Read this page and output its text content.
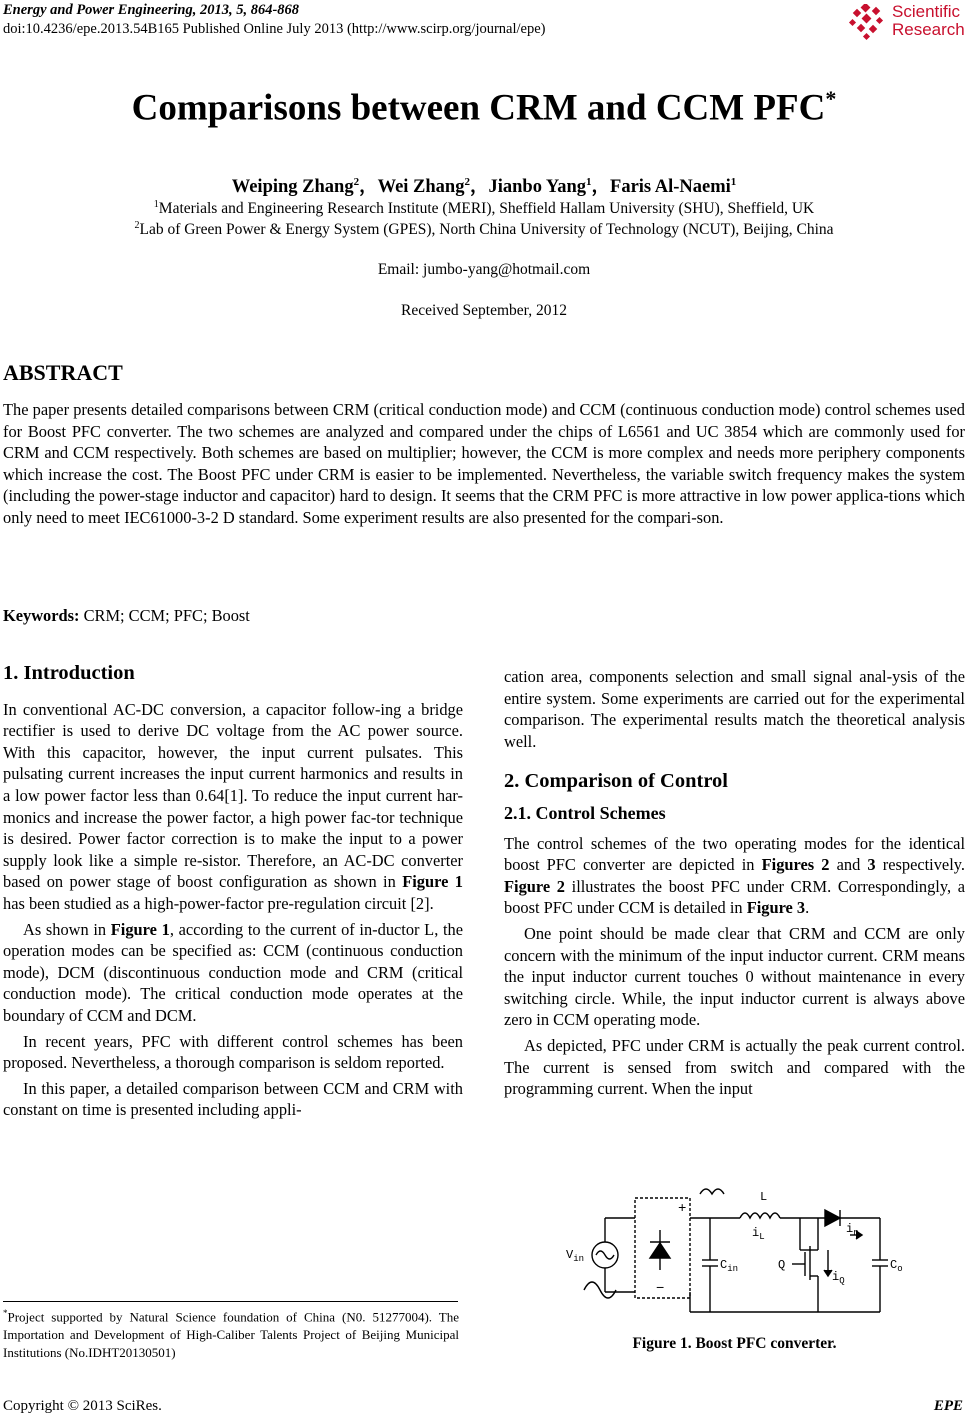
Energy and Power Engineering, 2013, 5, 864-868
doi:10.4236/epe.2013.54B165 Published Online July 2013 (http://www.scirp.org/journal/epe)
Scientific
Research
Comparisons between CRM and CCM PFC*
Weiping Zhang$^2$，Wei Zhang$^2$，Jianbo Yang$^1$，Faris Al-Naemi$^1$
$^1$Materials and Engineering Research Institute (MERI), Sheffield Hallam University (SHU), Sheffield, UK
$^2$Lab of Green Power & Energy System (GPES), North China University of Technology (NCUT), Beijing, China
Email: jumbo-yang@hotmail.com
Received September, 2012
ABSTRACT
The paper presents detailed comparisons between CRM (critical conduction mode) and CCM (continuous conduction mode) control schemes used for Boost PFC converter. The two schemes are analyzed and compared under the chips of L6561 and UC 3854 which are commonly used for CRM and CCM respectively. Both schemes are based on multiplier; however, the CCM is more complex and needs more periphery components which increase the cost. The Boost PFC under CRM is easier to be implemented. Nevertheless, the variable switch frequency makes the system (including the power-stage inductor and capacitor) hard to design. It seems that the CRM PFC is more attractive in low power applica-tions which only need to meet IEC61000-3-2 D standard. Some experiment results are also presented for the compari-son.
Keywords: CRM; CCM; PFC; Boost
1. Introduction

In conventional AC-DC conversion, a capacitor follow-ing a bridge rectifier is used to derive DC voltage from the AC power source. With this capacitor, however, the input current pulsates. This pulsating current increases the input current harmonics and results in a low power factor less than 0.64[1]. To reduce the input current har-monics and increase the power factor, a high power fac-tor technique is desired. Power factor correction is to make the input to a power supply look like a simple re-sistor. Therefore, an AC-DC converter based on power stage of boost configuration as shown in Figure 1 has been studied as a high-power-factor pre-regulation circuit [2].

As shown in Figure 1, according to the current of in-ductor L, the operation modes can be specified as: CCM (continuous conduction mode), DCM (discontinuous conduction mode and CRM (critical conduction mode). The critical conduction mode operates at the boundary of CCM and DCM.

In recent years, PFC with different control schemes has been proposed. Nevertheless, a thorough comparison is seldom reported.

In this paper, a detailed comparison between CCM and CRM with constant on time is presented including appli-

cation area, components selection and small signal anal-ysis of the entire system. Some experiments are carried out for the experimental comparison. The experimental results match the theoretical analysis well.

2. Comparison of Control
2.1. Control Schemes

The control schemes of the two operating modes for the identical boost PFC converter are depicted in Figures 2 and 3 respectively. Figure 2 illustrates the boost PFC under CRM. Correspondingly, a boost PFC under CCM is detailed in Figure 3.

One point should be made clear that CRM and CCM are only concern with the minimum of the input inductor current. CRM means the input inductor current touches 0 without maintenance in every switching circle. While, the input inductor current is always above zero in CCM operating mode.

As depicted, PFC under CRM is actually the peak current control. The current is sensed from switch and compared with the programming current. When the input

$V_{in}$
+
−
L
$i_L$
$i_n$
$C_{in}$	Q
$i_Q$
$C_o$
Figure 1. Boost PFC converter.
*Project supported by Natural Science foundation of China (N0. 51277004). The Importation and Development of High-Caliber Talents Project of Beijing Municipal Institutions (No.IDHT20130501)
Copyright © 2013 SciRes.	EPE
